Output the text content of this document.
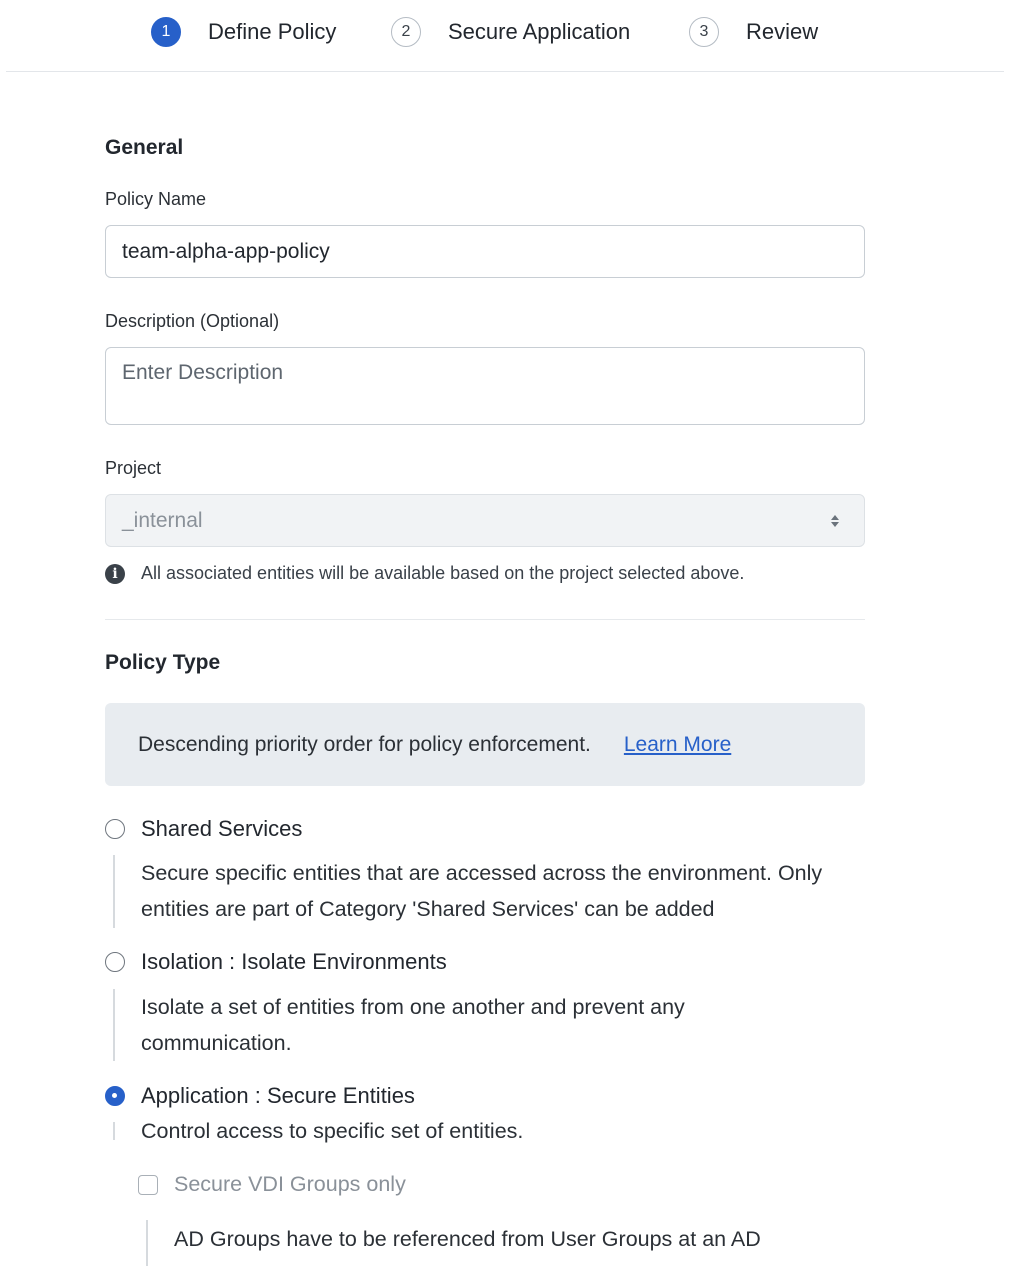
1	Define Policy	2	Secure Application	3	Review
General
Policy Name
team-alpha-app-policy
Description (Optional)
Enter Description
Project
_internal
i	All associated entities will be available based on the project selected above.
Policy Type
Descending priority order for policy enforcement. Learn More
Shared Services
Secure specific entities that are accessed across the environment. Only entities are part of Category 'Shared Services' can be added
Isolation : Isolate Environments
Isolate a set of entities from one another and prevent any communication.
Application : Secure Entities
Control access to specific set of entities.
Secure VDI Groups only
AD Groups have to be referenced from User Groups at an AD
